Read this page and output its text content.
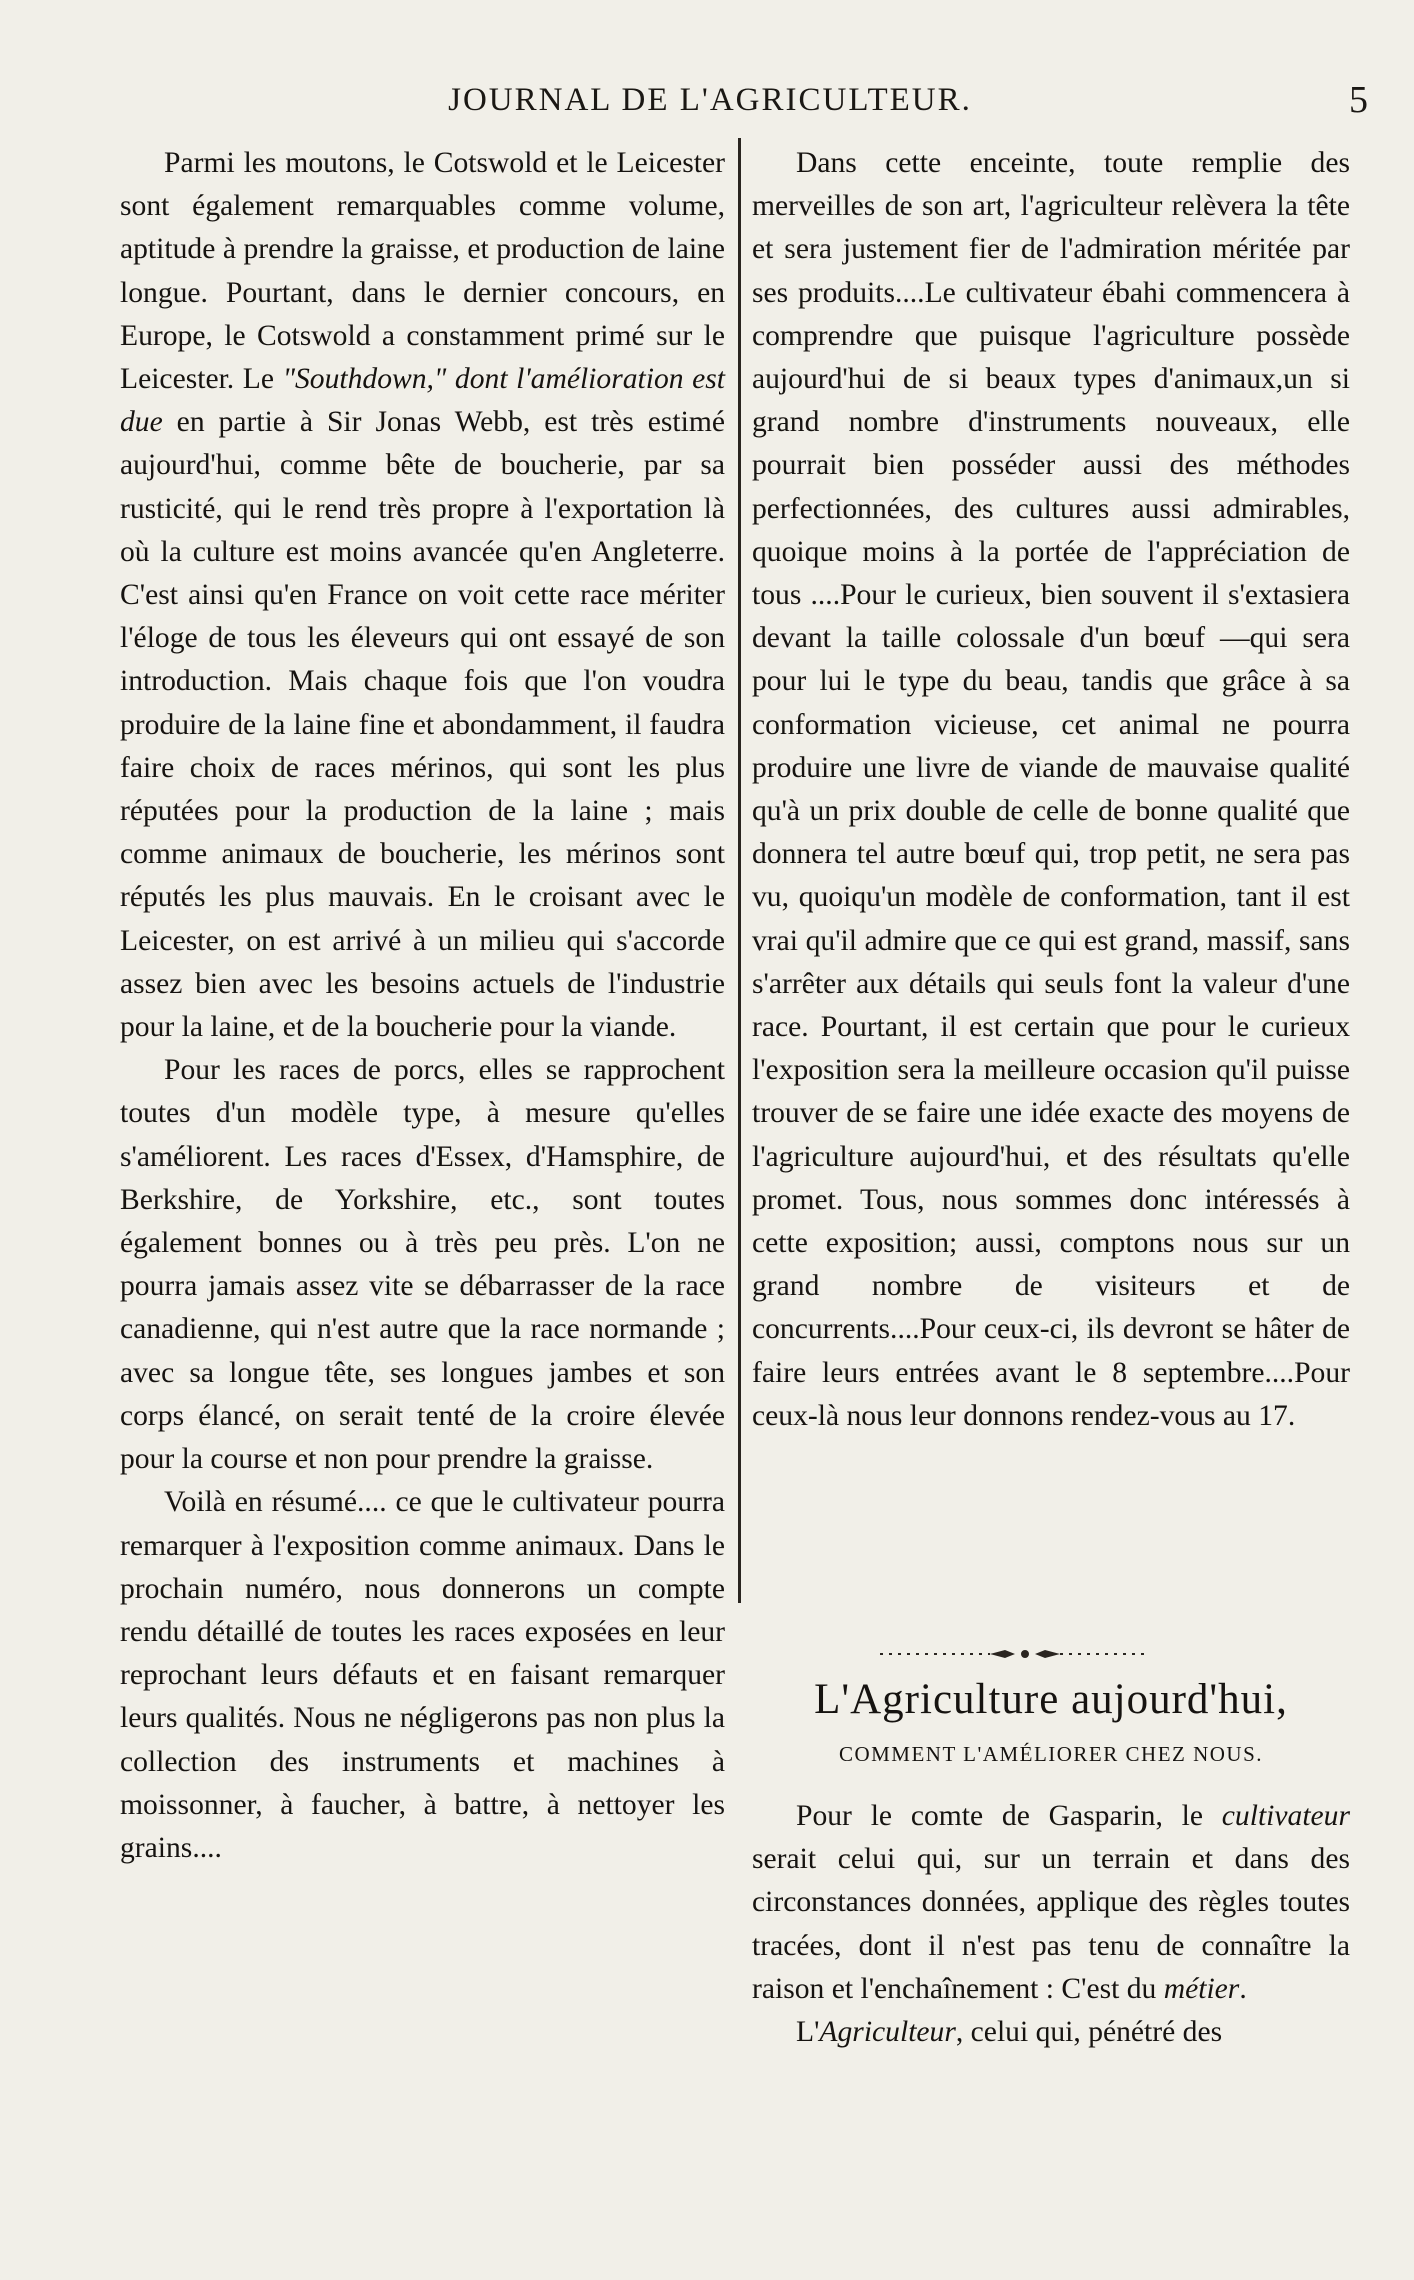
JOURNAL DE L'AGRICULTEUR.	5

Parmi les moutons, le Cotswold et le Leicester sont également remarquables comme volume, aptitude à prendre la graisse, et production de laine longue. Pourtant, dans le dernier concours, en Europe, le Cotswold a constamment primé sur le Leicester. Le "Southdown," dont l'amélioration est due en partie à Sir Jonas Webb, est très estimé aujourd'hui, comme bête de boucherie, par sa rusticité, qui le rend très propre à l'exportation là où la culture est moins avancée qu'en Angleterre. C'est ainsi qu'en France on voit cette race mériter l'éloge de tous les éleveurs qui ont essayé de son introduction. Mais chaque fois que l'on voudra produire de la laine fine et abondamment, il faudra faire choix de races mérinos, qui sont les plus réputées pour la production de la laine ; mais comme animaux de boucherie, les mérinos sont réputés les plus mauvais. En le croisant avec le Leicester, on est arrivé à un milieu qui s'accorde assez bien avec les besoins actuels de l'industrie pour la laine, et de la boucherie pour la viande.

Pour les races de porcs, elles se rapprochent toutes d'un modèle type, à mesure qu'elles s'améliorent. Les races d'Essex, d'Hamsphire, de Berkshire, de Yorkshire, etc., sont toutes également bonnes ou à très peu près. L'on ne pourra jamais assez vite se débarrasser de la race canadienne, qui n'est autre que la race normande ; avec sa longue tête, ses longues jambes et son corps élancé, on serait tenté de la croire élevée pour la course et non pour prendre la graisse.

Voilà en résumé.... ce que le cultivateur pourra remarquer à l'exposition comme animaux. Dans le prochain numéro, nous donnerons un compte rendu détaillé de toutes les races exposées en leur reprochant leurs défauts et en faisant remarquer leurs qualités. Nous ne négligerons pas non plus la collection des instruments et machines à moissonner, à faucher, à battre, à nettoyer les grains....

Dans cette enceinte, toute remplie des merveilles de son art, l'agriculteur relèvera la tête et sera justement fier de l'admiration méritée par ses produits....Le cultivateur ébahi commencera à comprendre que puisque l'agriculture possède aujourd'hui de si beaux types d'animaux,un si grand nombre d'instruments nouveaux, elle pourrait bien posséder aussi des méthodes perfectionnées, des cultures aussi admirables, quoique moins à la portée de l'appréciation de tous ....Pour le curieux, bien souvent il s'extasiera devant la taille colossale d'un bœuf —qui sera pour lui le type du beau, tandis que grâce à sa conformation vicieuse, cet animal ne pourra produire une livre de viande de mauvaise qualité qu'à un prix double de celle de bonne qualité que donnera tel autre bœuf qui, trop petit, ne sera pas vu, quoiqu'un modèle de conformation, tant il est vrai qu'il admire que ce qui est grand, massif, sans s'arrêter aux détails qui seuls font la valeur d'une race. Pourtant, il est certain que pour le curieux l'exposition sera la meilleure occasion qu'il puisse trouver de se faire une idée exacte des moyens de l'agriculture aujourd'hui, et des résultats qu'elle promet. Tous, nous sommes donc intéressés à cette exposition; aussi, comptons nous sur un grand nombre de visiteurs et de concurrents....Pour ceux-ci, ils devront se hâter de faire leurs entrées avant le 8 septembre....Pour ceux-là nous leur donnons rendez-vous au 17.

L'Agriculture aujourd'hui,
COMMENT L'AMÉLIORER CHEZ NOUS.

Pour le comte de Gasparin, le cultivateur serait celui qui, sur un terrain et dans des circonstances données, applique des règles toutes tracées, dont il n'est pas tenu de connaître la raison et l'enchaînement : C'est du métier.

L'Agriculteur, celui qui, pénétré des
